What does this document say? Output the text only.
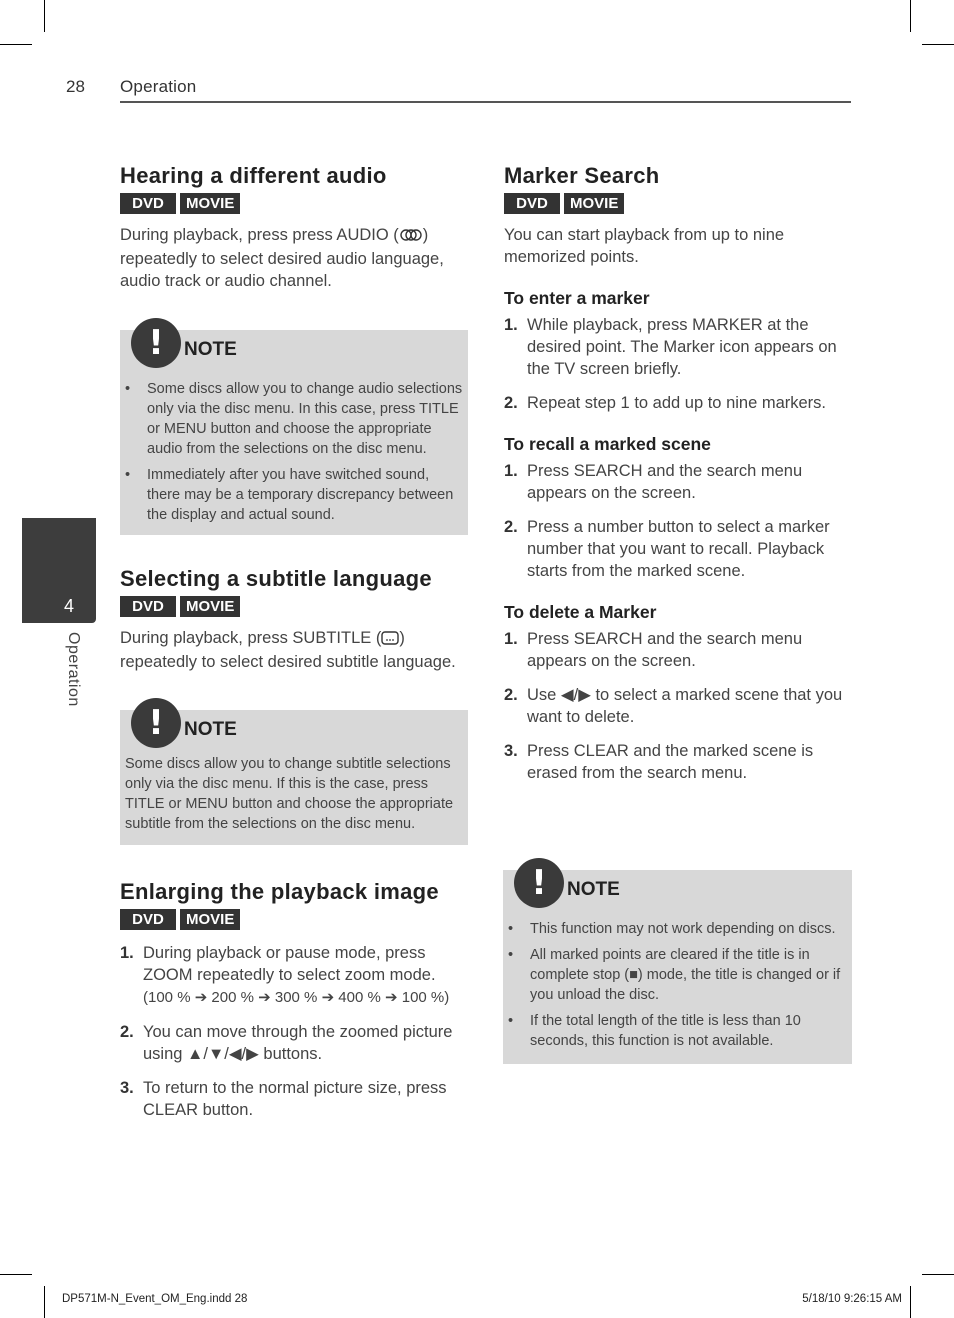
28 Operation
4
Operation
Hearing a different audio
DVD	MOVIE

During playback, press press AUDIO ( ) repeatedly to select desired audio language, audio track or audio channel.

! NOTE
•	Some discs allow you to change audio selections only via the disc menu. In this case, press TITLE or MENU button and choose the appropriate audio from the selections on the disc menu.
•	Immediately after you have switched sound, there may be a temporary discrepancy between the display and actual sound.
Selecting a subtitle language
DVD	MOVIE

During playback, press SUBTITLE ( ) repeatedly to select desired subtitle language.

! NOTE
Some discs allow you to change subtitle selections only via the disc menu. If this is the case, press TITLE or MENU button and choose the appropriate subtitle from the selections on the disc menu.
Enlarging the playback image
DVD	MOVIE
1. During playback or pause mode, press ZOOM repeatedly to select zoom mode.
(100 % ➔ 200 % ➔ 300 % ➔ 400 % ➔ 100 %)
2. You can move through the zoomed picture using ▲/▼/◀/▶ buttons.
3. To return to the normal picture size, press CLEAR button.
Marker Search
DVD	MOVIE

You can start playback from up to nine memorized points.

To enter a marker
1. While playback, press MARKER at the desired point. The Marker icon appears on the TV screen briefly.
2. Repeat step 1 to add up to nine markers.
To recall a marked scene
1. Press SEARCH and the search menu appears on the screen.
2. Press a number button to select a marker number that you want to recall. Playback starts from the marked scene.
To delete a Marker
1. Press SEARCH and the search menu appears on the screen.
2. Use ◀/▶ to select a marked scene that you want to delete.
3. Press CLEAR and the marked scene is erased from the search menu.
! NOTE
•	This function may not work depending on discs.
•	All marked points are cleared if the title is in complete stop (■) mode, the title is changed or if you unload the disc.
•	If the total length of the title is less than 10 seconds, this function is not available.
DP571M-N_Event_OM_Eng.indd 28	5/18/10 9:26:15 AM
